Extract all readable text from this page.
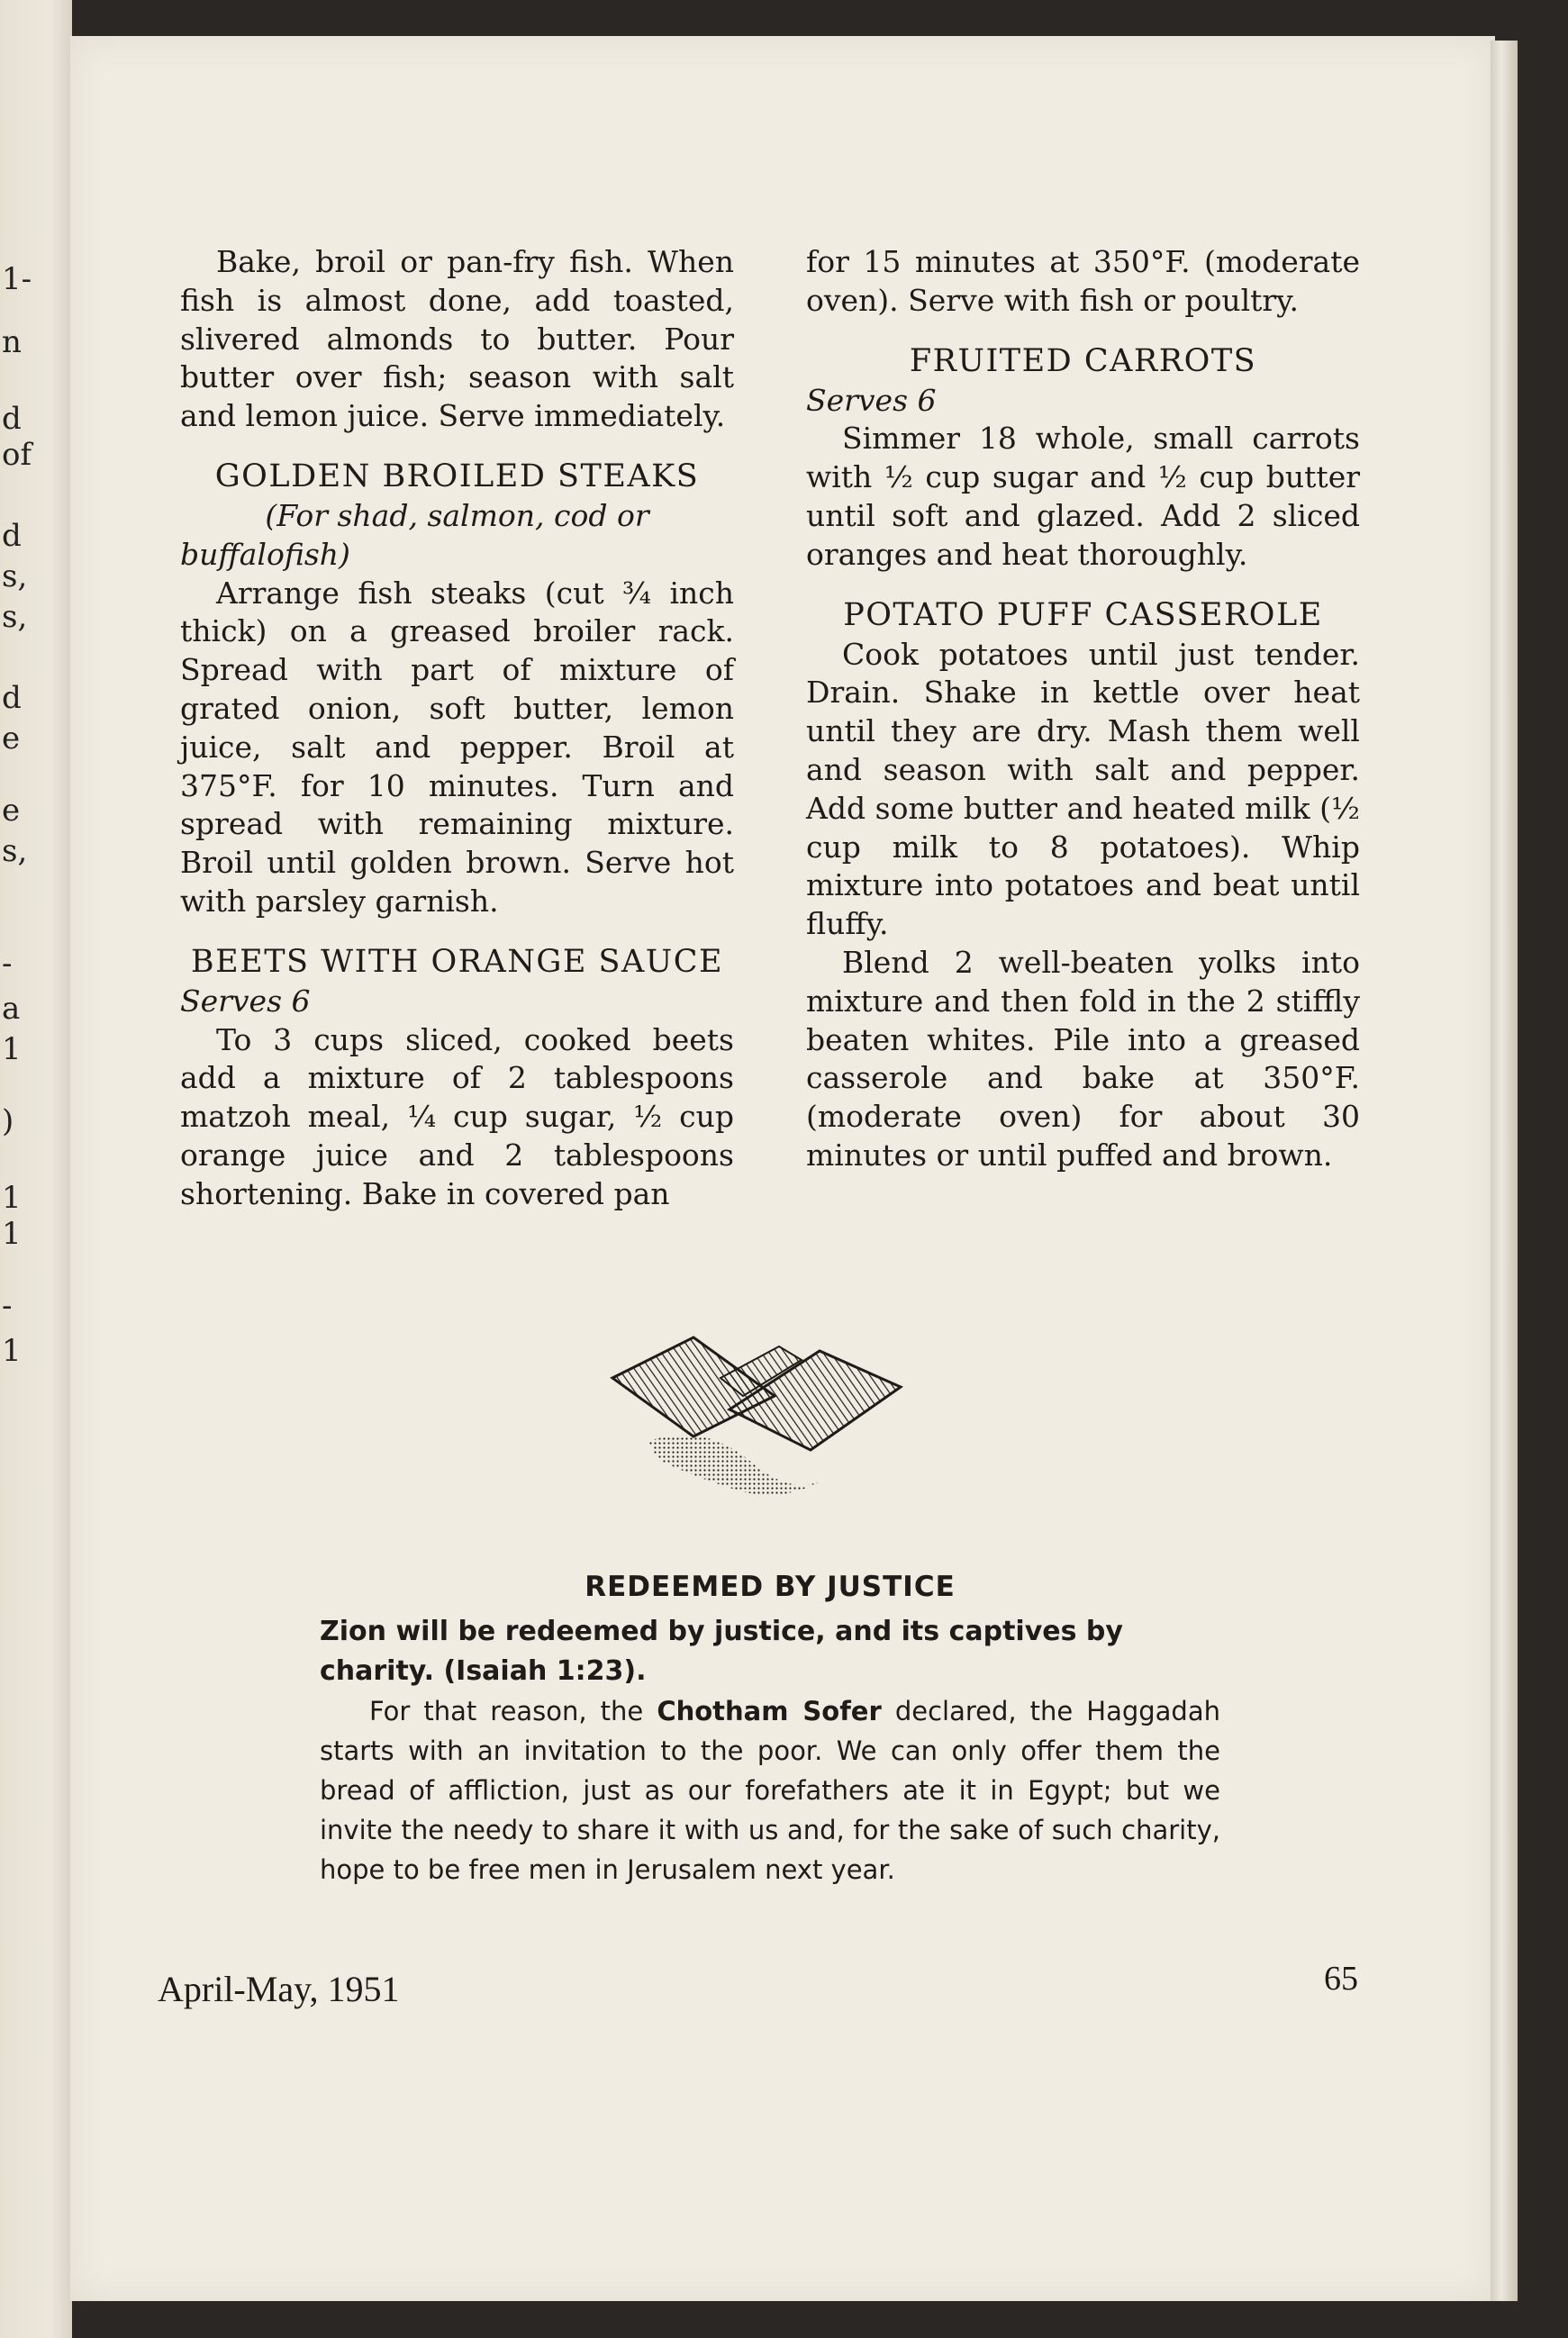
1-
n
d
of
d
s,
s,
d
e
e
s,
-
a
1
)
1
1
-
1

Bake, broil or pan-fry fish. When fish is almost done, add toasted, slivered almonds to butter. Pour butter over fish; season with salt and lemon juice. Serve immediately.

GOLDEN BROILED STEAKS

(For shad, salmon, cod or buffalofish)

Arrange fish steaks (cut ¾ inch thick) on a greased broiler rack. Spread with part of mixture of grated onion, soft butter, lemon juice, salt and pepper. Broil at 375°F. for 10 minutes. Turn and spread with remaining mixture. Broil until golden brown. Serve hot with parsley garnish.

BEETS WITH ORANGE SAUCE

Serves 6

To 3 cups sliced, cooked beets add a mixture of 2 tablespoons matzoh meal, ¼ cup sugar, ½ cup orange juice and 2 tablespoons shortening. Bake in covered pan

for 15 minutes at 350°F. (moderate oven). Serve with fish or poultry.

FRUITED CARROTS

Serves 6

Simmer 18 whole, small carrots with ½ cup sugar and ½ cup butter until soft and glazed. Add 2 sliced oranges and heat thoroughly.

POTATO PUFF CASSEROLE

Cook potatoes until just tender. Drain. Shake in kettle over heat until they are dry. Mash them well and season with salt and pepper. Add some butter and heated milk (½ cup milk to 8 potatoes). Whip mixture into potatoes and beat until fluffy.

Blend 2 well-beaten yolks into mixture and then fold in the 2 stiffly beaten whites. Pile into a greased casserole and bake at 350°F. (moderate oven) for about 30 minutes or until puffed and brown.

REDEEMED BY JUSTICE

Zion will be redeemed by justice, and its captives by charity. (Isaiah 1:23).

For that reason, the Chotham Sofer declared, the Haggadah starts with an invitation to the poor. We can only offer them the bread of affliction, just as our forefathers ate it in Egypt; but we invite the needy to share it with us and, for the sake of such charity, hope to be free men in Jerusalem next year.

April-May, 1951	65
